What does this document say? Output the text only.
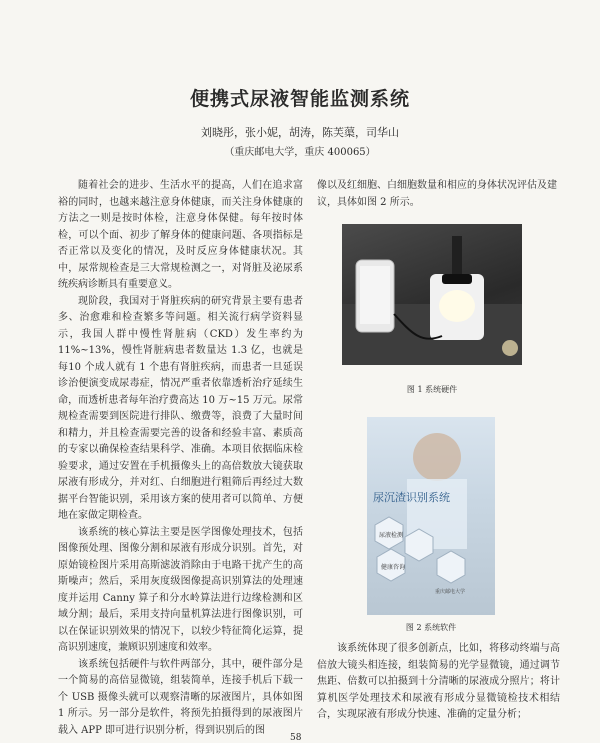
便携式尿液智能监测系统
刘晓彤，张小妮，胡涛，陈芙蕖，司华山
（重庆邮电大学，重庆 400065）

随着社会的进步、生活水平的提高，人们在追求富裕的同时，也越来越注意身体健康，而关注身体健康的方法之一则是按时体检，注意身体保健。每年按时体检，可以个面、初步了解身体的健康问题、各项指标是否正常以及变化的情况，及时反应身体健康状况。其中，尿常规检查是三大常规检测之一，对肾脏及泌尿系统疾病诊断具有重要意义。

现阶段，我国对于肾脏疾病的研究背景主要有患者多、治愈难和检查繁多等问题。相关流行病学资料显示，我国人群中慢性肾脏病（CKD）发生率约为11%~13%，慢性肾脏病患者数量达 1.3 亿，也就是每10 个成人就有 1 个患有肾脏疾病，而患者一旦延误诊治便演变成尿毒症，情况严重者依靠透析治疗延续生命，而透析患者每年治疗费高达 10 万~15 万元。尿常规检查需要到医院进行排队、缴费等，浪费了大量时间和精力，并且检查需要完善的设备和经验丰富、素质高的专家以确保检查结果科学、准确。本项目依据临床检验要求，通过安置在手机摄像头上的高倍数放大镜获取尿液有形成分，并对红、白细胞进行粗筛后再经过大数据平台智能识别，采用该方案的使用者可以简单、方便地在家做定期检查。

该系统的核心算法主要是医学图像处理技术，包括图像预处理、图像分割和尿液有形成分识别。首先，对原始镜检图片采用高斯滤波消除由于电路干扰产生的高斯噪声；然后，采用灰度级图像提高识别算法的处理速度并运用 Canny 算子和分水岭算法进行边缘检测和区域分割；最后，采用支持向量机算法进行图像识别，可以在保证识别效果的情况下，以较少特征简化运算，提高识别速度，兼顾识别速度和效率。

该系统包括硬件与软件两部分，其中，硬件部分是一个简易的高倍显微镜，组装简单，连接手机后下载一个 USB 摄像头就可以观察清晰的尿液图片，具体如图 1 所示。另一部分是软件，将预先拍摄得到的尿液图片载入 APP 即可进行识别分析，得到识别后的图

像以及红细胞、白细胞数量和相应的身体状况评估及建议，具体如图 2 所示。

图 1 系统硬件
尿沉渣识别系统
尿液检测
健康咨询
重庆邮电大学
图 2 系统软件

该系统体现了很多创新点，比如，将移动终端与高倍放大镜头相连接，组装简易的光学显微镜，通过调节焦距、倍数可以拍摄到十分清晰的尿液成分照片；将计算机医学处理技术和尿液有形成分显微镜检技术相结合，实现尿液有形成分快速、准确的定量分析；

58
